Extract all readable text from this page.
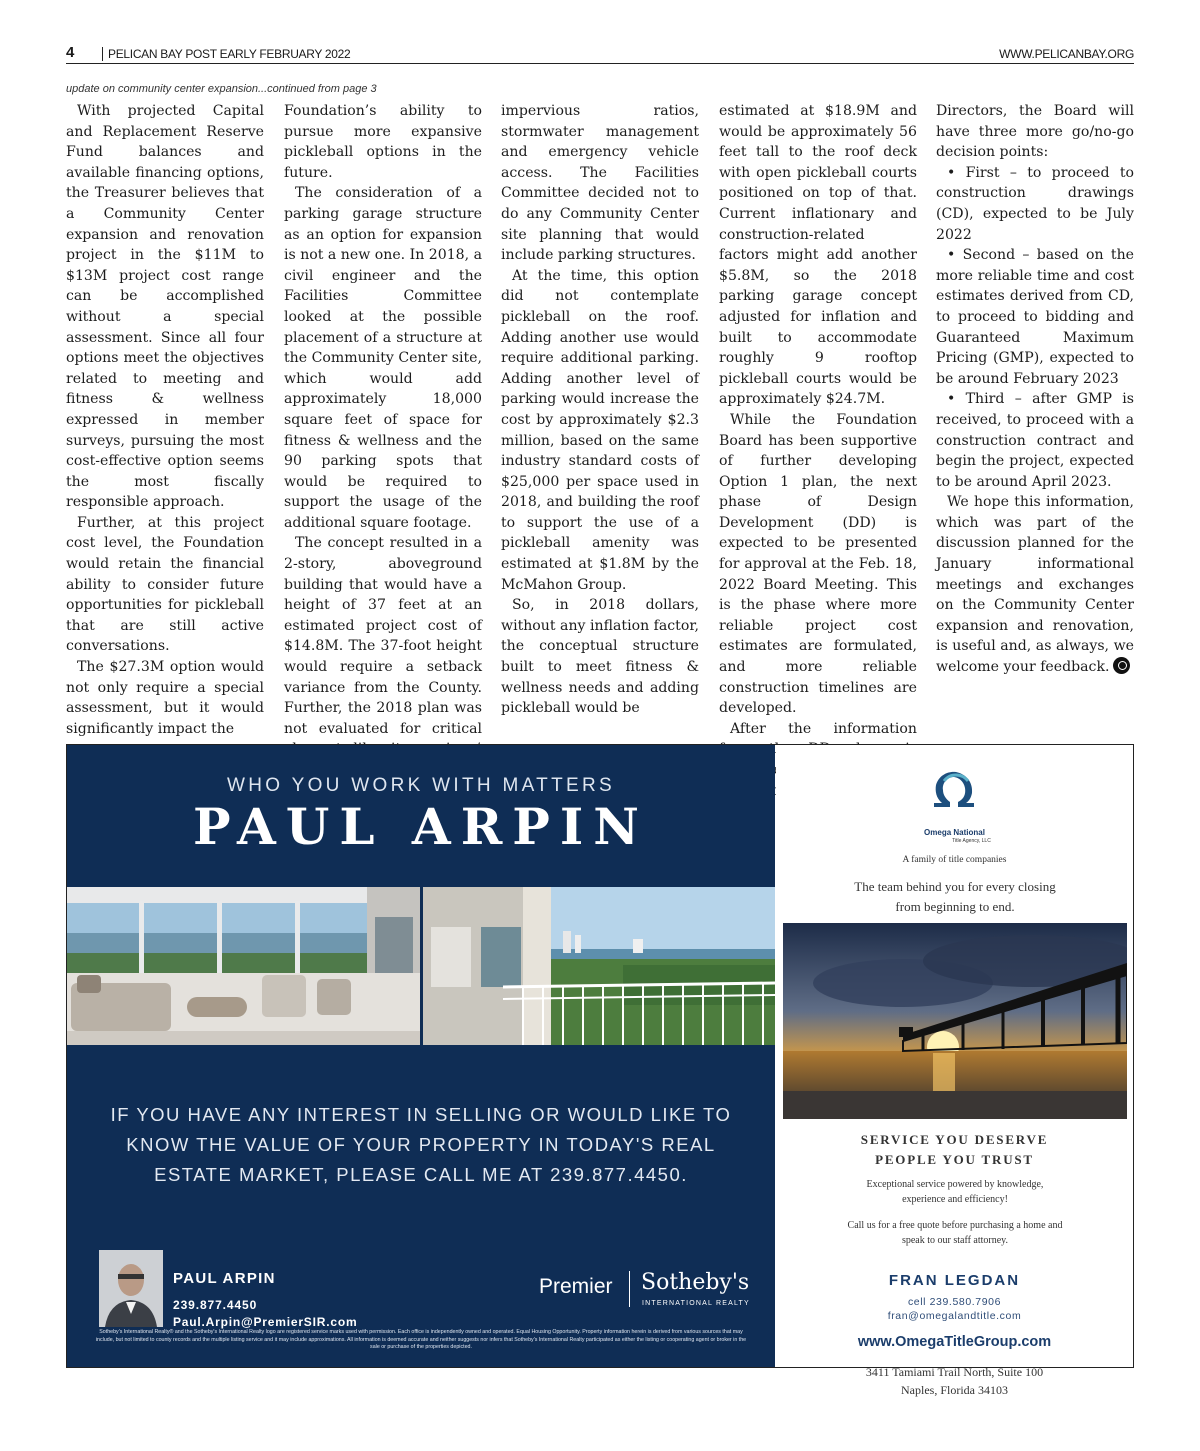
4	PELICAN BAY POST EARLY FEBRUARY 2022	WWW.PELICANBAY.ORG
update on community center expansion...continued from page 3

With projected Capital and Replacement Reserve Fund balances and available financing options, the Treasurer believes that a Community Center expansion and renovation project in the $11M to $13M project cost range can be accomplished without a special assessment. Since all four options meet the objectives related to meeting and fitness & wellness expressed in member surveys, pursuing the most cost-effective option seems the most fiscally responsible approach.

Further, at this project cost level, the Foundation would retain the financial ability to consider future opportunities for pickleball that are still active conversations.

The $27.3M option would not only require a special assessment, but it would significantly impact the

Foundation’s ability to pursue more expansive pickleball options in the future.

The consideration of a parking garage structure as an option for expansion is not a new one. In 2018, a civil engineer and the Facilities Committee looked at the possible placement of a structure at the Community Center site, which would add approximately 18,000 square feet of space for fitness & wellness and the 90 parking spots that would be required to support the usage of the additional square footage.

The concept resulted in a 2-story, aboveground building that would have a height of 37 feet at an estimated project cost of $14.8M. The 37-foot height would require a setback variance from the County. Further, the 2018 plan was not evaluated for critical

impervious ratios, stormwater management and emergency vehicle access. The Facilities Committee decided not to do any Community Center site planning that would include parking structures.

At the time, this option did not contemplate pickleball on the roof. Adding another use would require additional parking. Adding another level of parking would increase the cost by approximately $2.3 million, based on the same industry standard costs of $25,000 per space used in 2018, and building the roof to support the use of a pickleball amenity was estimated at $1.8M by the McMahon Group.

So, in 2018 dollars, without any inflation factor, the conceptual structure built to meet fitness & wellness needs and adding pickleball would be

estimated at $18.9M and would be approximately 56 feet tall to the roof deck with open pickleball courts positioned on top of that. Current inflationary and construction-related factors might add another $5.8M, so the 2018 parking garage concept adjusted for inflation and built to accommodate roughly 9 rooftop pickleball courts would be approximately $24.7M.

While the Foundation Board has been supportive of further developing Option 1 plan, the next phase of Design Development (DD) is expected to be presented for approval at the Feb. 18, 2022 Board Meeting. This is the phase where more reliable project cost estimates are formulated, and more reliable construction timelines are developed.

After the information

Directors, the Board will have three more go/no-go decision points:

• First – to proceed to construction drawings (CD), expected to be July 2022

• Second – based on the more reliable time and cost estimates derived from CD, to proceed to bidding and Guaranteed Maximum Pricing (GMP), expected to be around February 2023

• Third – after GMP is received, to proceed with a construction contract and begin the project, expected to be around April 2023.

We hope this information, which was part of the discussion planned for the January informational meetings and exchanges on the Community Center expansion and renovation, is useful and, as always, we welcome your feedback.

WHO YOU WORK WITH MATTERS
PAUL ARPIN
IF YOU HAVE ANY INTEREST IN SELLING OR WOULD LIKE TO KNOW THE VALUE OF YOUR PROPERTY IN TODAY'S REAL ESTATE MARKET, PLEASE CALL ME AT 239.877.4450.
PAUL ARPIN
239.877.4450
Paul.Arpin@PremierSIR.com
Premier Sotheby's
INTERNATIONAL REALTY
Sotheby's International Realty® and the Sotheby's International Realty logo are registered service marks used with permission. Each office is independently owned and operated. Equal Housing Opportunity. Property information herein is derived from various sources that may include, but not limited to county records and the multiple listing service and it may include approximations. All information is deemed accurate and neither suggests nor infers that Sotheby's International Realty participated as either the listing or cooperating agent or broker in the sale or purchase of the properties depicted.
Omega National
Title Agency, LLC
A family of title companies
The team behind you for every closing from beginning to end.
SERVICE YOU DESERVE
PEOPLE YOU TRUST
Exceptional service powered by knowledge, experience and efficiency!
Call us for a free quote before purchasing a home and speak to our staff attorney.
FRAN LEGDAN
cell 239.580.7906
fran@omegalandtitle.com
www.OmegaTitleGroup.com
3411 Tamiami Trail North, Suite 100
Naples, Florida 34103
